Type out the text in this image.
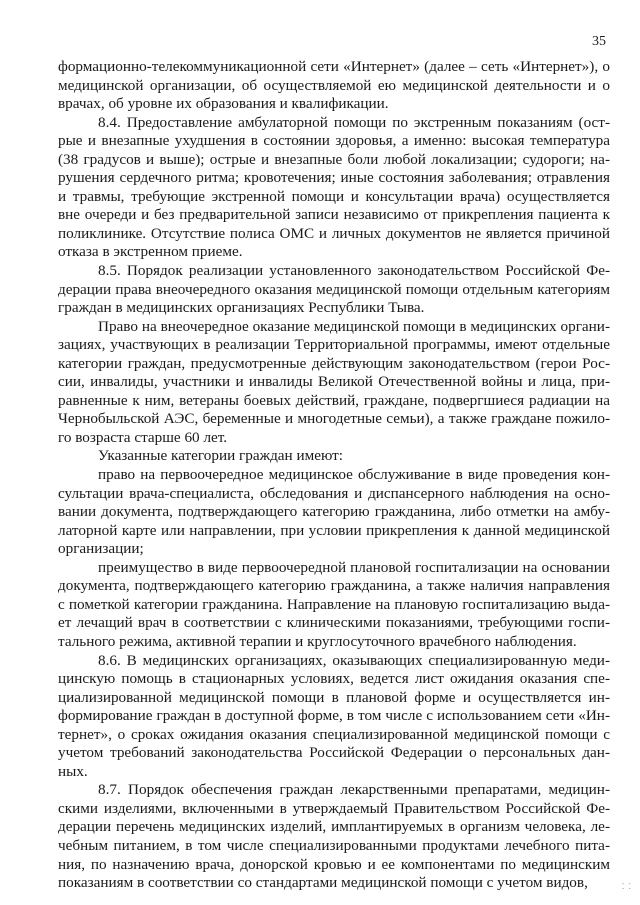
35

формационно-телекоммуникационной сети «Интернет» (далее – сеть «Интернет»), о медицинской организации, об осуществляемой ею медицинской деятельности и о врачах, об уровне их образования и квалификации.

8.4. Предоставление амбулаторной помощи по экстренным показаниям (острые и внезапные ухудшения в состоянии здоровья, а именно: высокая температура (38 градусов и выше); острые и внезапные боли любой локализации; судороги; нарушения сердечного ритма; кровотечения; иные состояния заболевания; отравления и травмы, требующие экстренной помощи и консультации врача) осуществляется вне очереди и без предварительной записи независимо от прикрепления пациента к поликлинике. Отсутствие полиса ОМС и личных документов не является причиной отказа в экстренном приеме.

8.5. Порядок реализации установленного законодательством Российской Федерации права внеочередного оказания медицинской помощи отдельным категориям граждан в медицинских организациях Республики Тыва.

Право на внеочередное оказание медицинской помощи в медицинских организациях, участвующих в реализации Территориальной программы, имеют отдельные категории граждан, предусмотренные действующим законодательством (герои России, инвалиды, участники и инвалиды Великой Отечественной войны и лица, приравненные к ним, ветераны боевых действий, граждане, подвергшиеся радиации на Чернобыльской АЭС, беременные и многодетные семьи), а также граждане пожилого возраста старше 60 лет.

Указанные категории граждан имеют:

право на первоочередное медицинское обслуживание в виде проведения консультации врача-специалиста, обследования и диспансерного наблюдения на основании документа, подтверждающего категорию гражданина, либо отметки на амбулаторной карте или направлении, при условии прикрепления к данной медицинской организации;

преимущество в виде первоочередной плановой госпитализации на основании документа, подтверждающего категорию гражданина, а также наличия направления с пометкой категории гражданина. Направление на плановую госпитализацию выдает лечащий врач в соответствии с клиническими показаниями, требующими госпитального режима, активной терапии и круглосуточного врачебного наблюдения.

8.6. В медицинских организациях, оказывающих специализированную медицинскую помощь в стационарных условиях, ведется лист ожидания оказания специализированной медицинской помощи в плановой форме и осуществляется информирование граждан в доступной форме, в том числе с использованием сети «Интернет», о сроках ожидания оказания специализированной медицинской помощи с учетом требований законодательства Российской Федерации о персональных данных.

8.7. Порядок обеспечения граждан лекарственными препаратами, медицинскими изделиями, включенными в утверждаемый Правительством Российской Федерации перечень медицинских изделий, имплантируемых в организм человека, лечебным питанием, в том числе специализированными продуктами лечебного питания, по назначению врача, донорской кровью и ее компонентами по медицинским показаниям в соответствии со стандартами медицинской помощи с учетом видов,	⁚ ⁚
